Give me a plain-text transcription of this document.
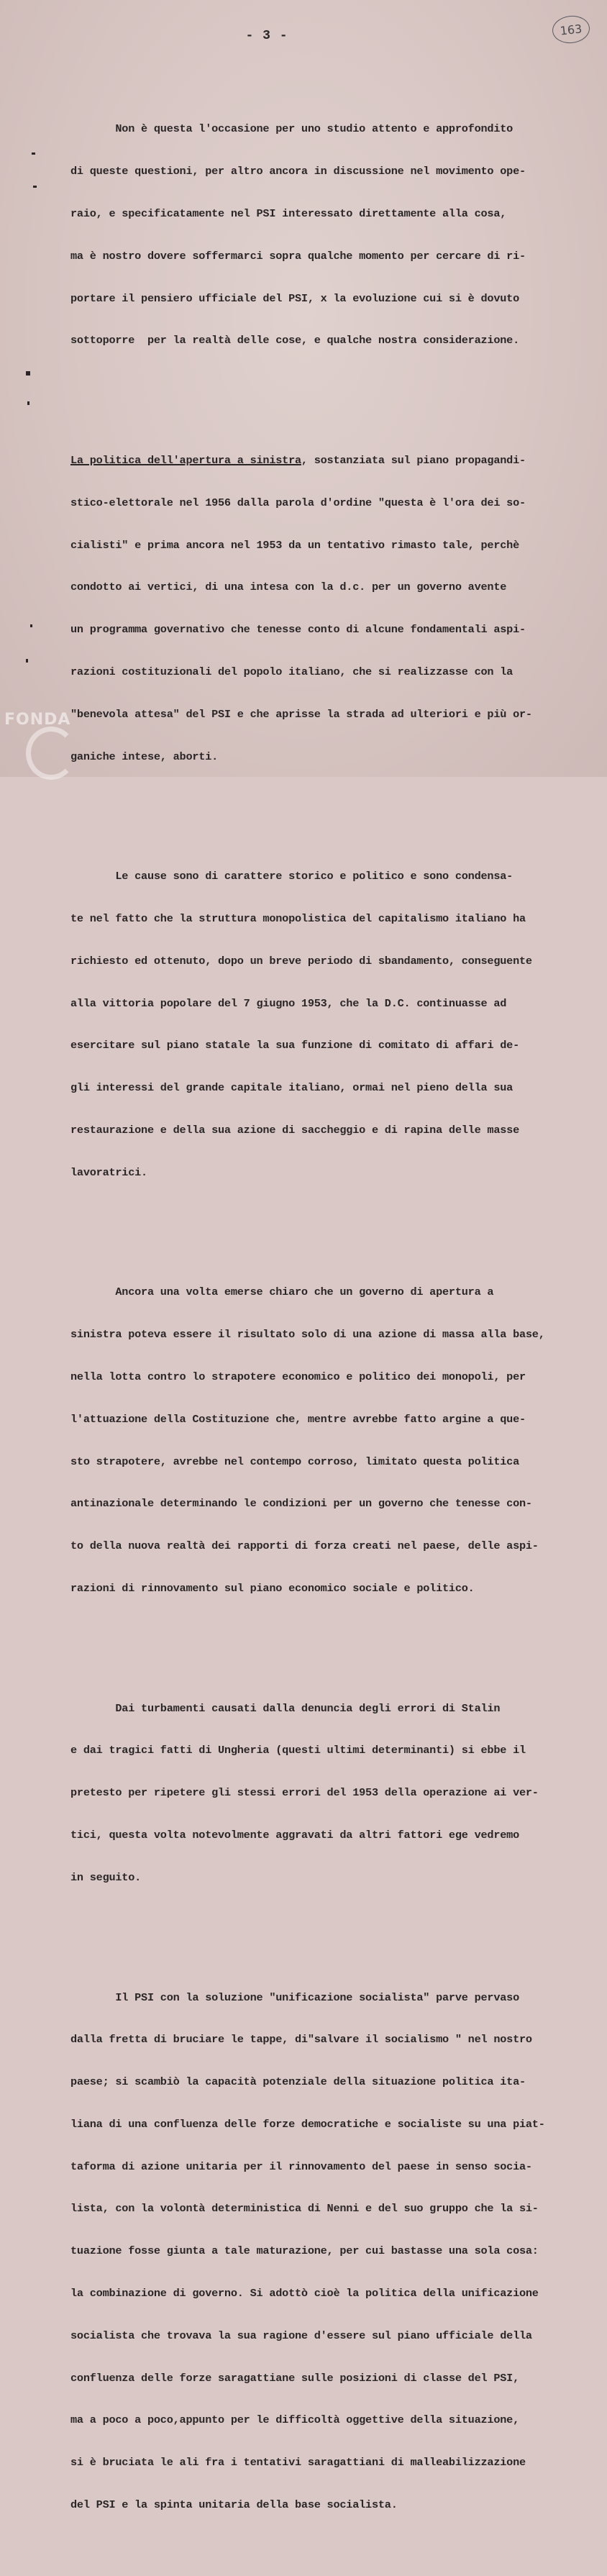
- 3 -	163

Non è questa l'occasione per uno studio attento e approfondito

di queste questioni, per altro ancora in discussione nel movimento ope-

raio, e specificatamente nel PSI interessato direttamente alla cosa,

ma è nostro dovere soffermarci sopra qualche momento per cercare di ri-

portare il pensiero ufficiale del PSI, x la evoluzione cui si è dovuto

sottoporre  per la realtà delle cose, e qualche nostra considerazione.

La politica dell'apertura a sinistra, sostanziata sul piano propagandi-

stico-elettorale nel 1956 dalla parola d'ordine "questa è l'ora dei so-

cialisti" e prima ancora nel 1953 da un tentativo rimasto tale, perchè

condotto ai vertici, di una intesa con la d.c. per un governo avente

un programma governativo che tenesse conto di alcune fondamentali aspi-

razioni costituzionali del popolo italiano, che si realizzasse con la

"benevola attesa" del PSI e che aprisse la strada ad ulteriori e più or-

ganiche intese, aborti.

Le cause sono di carattere storico e politico e sono condensa-

te nel fatto che la struttura monopolistica del capitalismo italiano ha

richiesto ed ottenuto, dopo un breve periodo di sbandamento, conseguente

alla vittoria popolare del 7 giugno 1953, che la D.C. continuasse ad

esercitare sul piano statale la sua funzione di comitato di affari de-

gli interessi del grande capitale italiano, ormai nel pieno della sua

restaurazione e della sua azione di saccheggio e di rapina delle masse

lavoratrici.

Ancora una volta emerse chiaro che un governo di apertura a

sinistra poteva essere il risultato solo di una azione di massa alla base,

nella lotta contro lo strapotere economico e politico dei monopoli, per

l'attuazione della Costituzione che, mentre avrebbe fatto argine a que-

sto strapotere, avrebbe nel contempo corroso, limitato questa politica

antinazionale determinando le condizioni per un governo che tenesse con-

to della nuova realtà dei rapporti di forza creati nel paese, delle aspi-

razioni di rinnovamento sul piano economico sociale e politico.

Dai turbamenti causati dalla denuncia degli errori di Stalin

e dai tragici fatti di Ungheria (questi ultimi determinanti) si ebbe il

pretesto per ripetere gli stessi errori del 1953 della operazione ai ver-

tici, questa volta notevolmente aggravati da altri fattori ege vedremo

in seguito.

Il PSI con la soluzione "unificazione socialista" parve pervaso

dalla fretta di bruciare le tappe, di"salvare il socialismo " nel nostro

paese; si scambiò la capacità potenziale della situazione politica ita-

liana di una confluenza delle forze democratiche e socialiste su una piat-

taforma di azione unitaria per il rinnovamento del paese in senso socia-

lista, con la volontà deterministica di Nenni e del suo gruppo che la si-

tuazione fosse giunta a tale maturazione, per cui bastasse una sola cosa:

la combinazione di governo. Si adottò cioè la politica della unificazione

socialista che trovava la sua ragione d'essere sul piano ufficiale della

confluenza delle forze saragattiane sulle posizioni di classe del PSI,

ma a poco a poco,appunto per le difficoltà oggettive della situazione,

si è bruciata le ali fra i tentativi saragattiani di malleabilizzazione

del PSI e la spinta unitaria della base socialista.

FONDA
